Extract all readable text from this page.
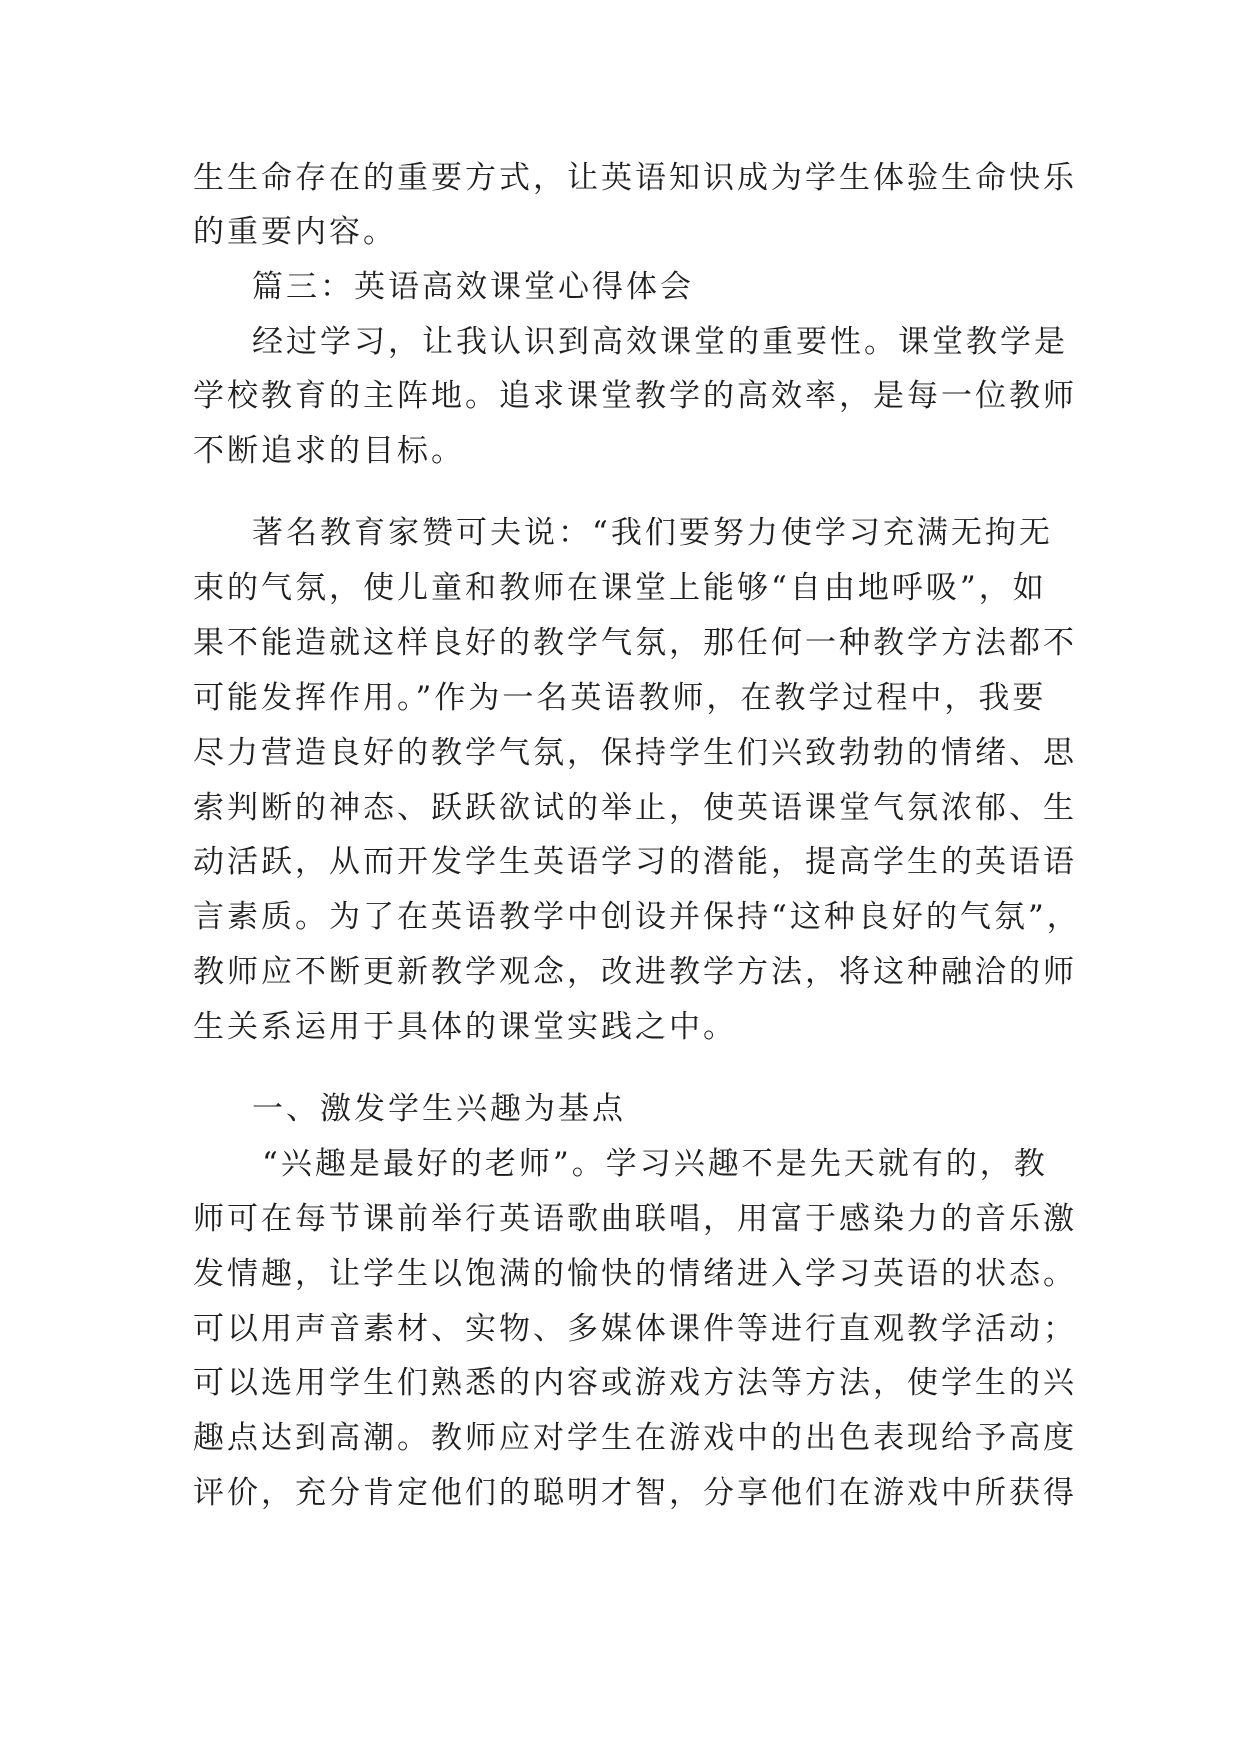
生生命存在的重要方式，让英语知识成为学生体验生命快乐
的重要内容。
篇三：英语高效课堂心得体会
经过学习，让我认识到高效课堂的重要性。课堂教学是
学校教育的主阵地。追求课堂教学的高效率，是每一位教师
不断追求的目标。
著名教育家赞可夫说：“我们要努力使学习充满无拘无
束的气氛，使儿童和教师在课堂上能够“自由地呼吸”，如
果不能造就这样良好的教学气氛，那任何一种教学方法都不
可能发挥作用。”作为一名英语教师，在教学过程中，我要
尽力营造良好的教学气氛，保持学生们兴致勃勃的情绪、思
索判断的神态、跃跃欲试的举止，使英语课堂气氛浓郁、生
动活跃，从而开发学生英语学习的潜能，提高学生的英语语
言素质。为了在英语教学中创设并保持“这种良好的气氛”，
教师应不断更新教学观念，改进教学方法，将这种融洽的师
生关系运用于具体的课堂实践之中。
一、激发学生兴趣为基点
“兴趣是最好的老师”。学习兴趣不是先天就有的，教
师可在每节课前举行英语歌曲联唱，用富于感染力的音乐激
发情趣，让学生以饱满的愉快的情绪进入学习英语的状态。
可以用声音素材、实物、多媒体课件等进行直观教学活动；
可以选用学生们熟悉的内容或游戏方法等方法，使学生的兴
趣点达到高潮。教师应对学生在游戏中的出色表现给予高度
评价，充分肯定他们的聪明才智，分享他们在游戏中所获得
